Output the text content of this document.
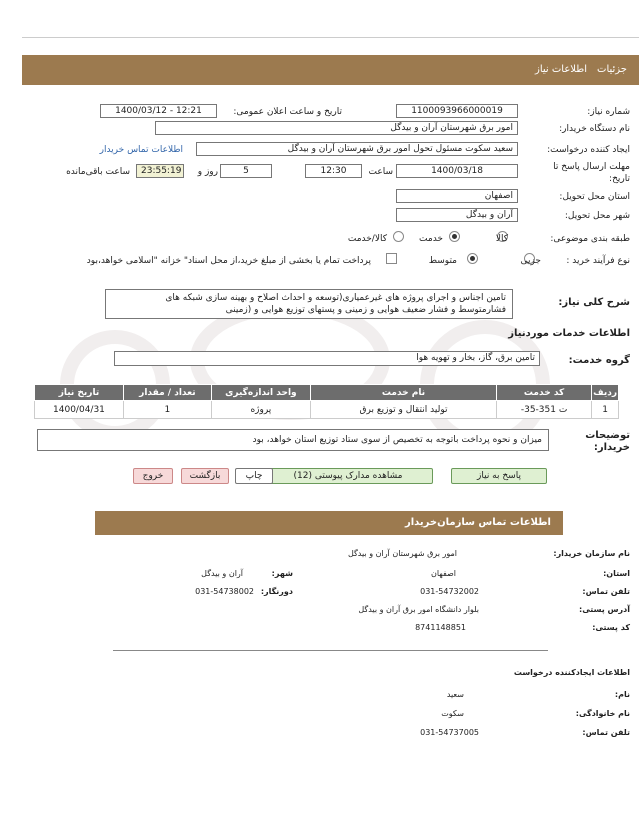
جزئیات
اطلاعات نیاز
شماره نیاز:
1100093966000019
تاریخ و ساعت اعلان عمومی:
1400/03/12 - 12:21
نام دستگاه خریدار:
امور برق شهرستان آران و بیدگل
ایجاد کننده درخواست:
سعید سکوت مسئول تحول امور برق شهرستان آران و بیدگل
اطلاعات تماس خریدار
مهلت ارسال پاسخ تا
تاریخ:
1400/03/18
ساعت
12:30
5
روز و
23:55:19
ساعت باقی‌مانده
استان محل تحویل:
اصفهان
شهر محل تحویل:
آران و بیدگل
طبقه بندی موضوعی:
کالا
خدمت
کالا/خدمت
نوع فرآیند خرید :
جزیی
متوسط
پرداخت تمام یا بخشی از مبلغ خرید،از محل اسناد" خزانه "اسلامی خواهد،بود
شرح کلی نیاز:
تامین اجناس و اجرای پروژه های غیرعمیاری(توسعه و احداث اصلاح و بهینه سازی شبکه های
فشارمتوسط و فشار ضعیف هوایی و زمینی و پستهای توزیع هوایی و (زمینی
اطلاعات خدمات موردنیاز
گروه خدمت:
تامین برق، گاز، بخار و تهویه هوا
ردیف	کد خدمت	نام خدمت	واحد اندازه‌گیری	تعداد / مقدار	تاریخ نیاز
1	ت 351-35-	تولید انتقال و توزیع برق	پروژه	1	1400/04/31
توضیحات
خریدار:
میزان و نحوه پرداخت باتوجه به تخصیص از سوی ستاد توزیع استان خواهد، بود
پاسخ به نیاز
مشاهده مدارک پیوستی (12)
چاپ
بازگشت
خروج
اطلاعات تماس سازمان‌خریدار
نام سازمان خریدار:
امور برق شهرستان آران و بیدگل
استان:
اصفهان
شهر:
آران و بیدگل
تلفن تماس:
031-54732002
دورنگار:
031-54738002
آدرس پستی:
بلوار دانشگاه امور برق آران و بیدگل
کد پستی:
8741148851
اطلاعات ایجادکننده درخواست
نام:
سعید
نام خانوادگی:
سکوت
تلفن تماس:
031-54737005
